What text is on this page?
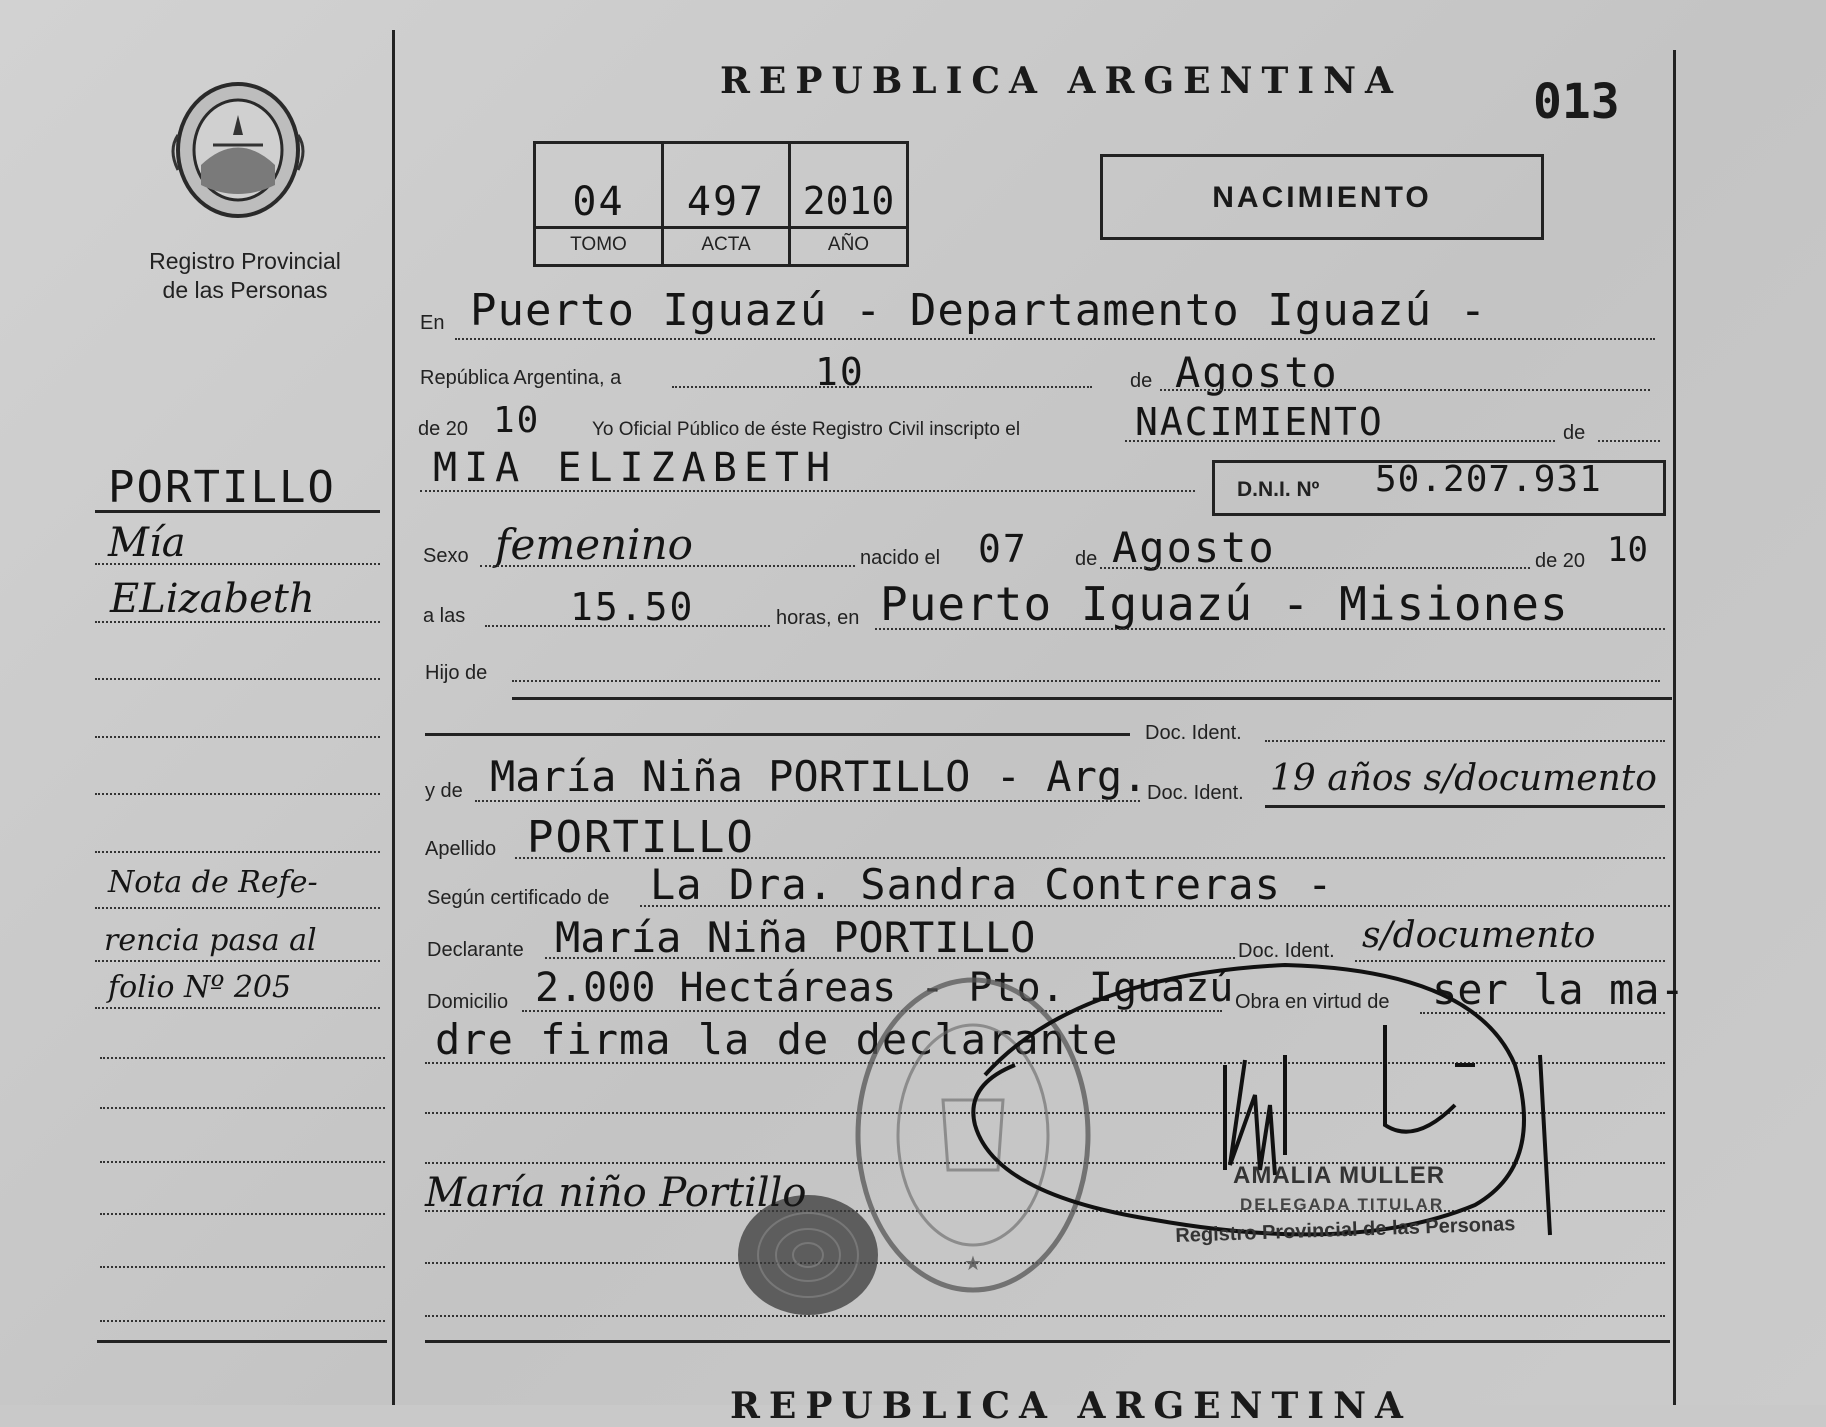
Registro Provincial
de las Personas
PORTILLO
Mía
ELizabeth
Nota de Refe-
rencia pasa al
folio Nº 205
REPUBLICA ARGENTINA	013
04	497 2010
TOMO	ACTA	AÑO
NACIMIENTO
En Puerto Iguazú - Departamento Iguazú -
República Argentina, a	10	de Agosto
de 20 10	Yo Oficial Público de éste Registro Civil inscripto el	NACIMIENTO	de
MIA ELIZABETH	D.N.I. Nº 50.207.931
Sexo femenino	nacido el 07 de Agosto	de 20 10
a las	15.50	horas, en Puerto Iguazú - Misiones
Hijo de
Doc. Ident.
y de María Niña PORTILLO - Arg. Doc. Ident. 19 años s/documento
Apellido PORTILLO
Según certificado de La Dra. Sandra Contreras -
Declarante María Niña PORTILLO	Doc. Ident. s/documento
Domicilio 2.000 Hectáreas - Pto. Iguazú Obra en virtud de ser la ma-
dre firma la de declarante
★
María niño Portillo	AMALIA MULLER
DELEGADA TITULAR
Registro Provincial de las Personas
REPUBLICA ARGENTINA
